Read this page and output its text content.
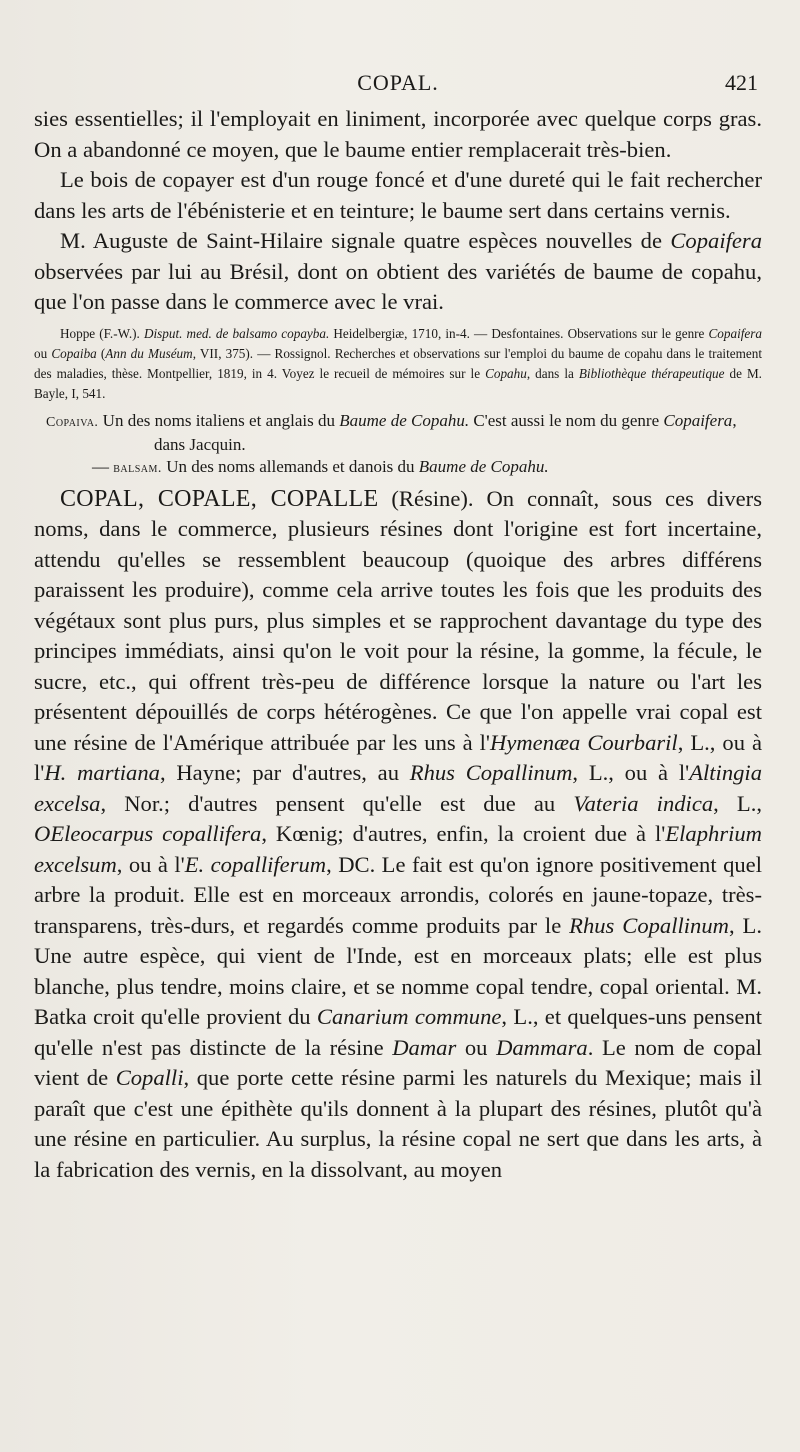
COPAL.	421

sies essentielles; il l'employait en liniment, incorporée avec quelque corps gras. On a abandonné ce moyen, que le baume entier remplacerait très-bien.

Le bois de copayer est d'un rouge foncé et d'une dureté qui le fait rechercher dans les arts de l'ébénisterie et en teinture; le baume sert dans certains vernis.

M. Auguste de Saint-Hilaire signale quatre espèces nouvelles de Copaifera observées par lui au Brésil, dont on obtient des variétés de baume de copahu, que l'on passe dans le commerce avec le vrai.

Hoppe (F.-W.). Disput. med. de balsamo copayba. Heidelbergiæ, 1710, in-4. — Desfontaines. Observations sur le genre Copaifera ou Copaiba (Ann du Muséum, VII, 375). — Rossignol. Recherches et observations sur l'emploi du baume de copahu dans le traitement des maladies, thèse. Montpellier, 1819, in 4. Voyez le recueil de mémoires sur le Copahu, dans la Bibliothèque thérapeutique de M. Bayle, I, 541.

Copaiva. Un des noms italiens et anglais du Baume de Copahu. C'est aussi le nom du genre Copaifera, dans Jacquin.

— balsam. Un des noms allemands et danois du Baume de Copahu.

COPAL, COPALE, COPALLE (Résine). On connaît, sous ces divers noms, dans le commerce, plusieurs résines dont l'origine est fort incertaine, attendu qu'elles se ressemblent beaucoup (quoique des arbres différens paraissent les produire), comme cela arrive toutes les fois que les produits des végétaux sont plus purs, plus simples et se rapprochent davantage du type des principes immédiats, ainsi qu'on le voit pour la résine, la gomme, la fécule, le sucre, etc., qui offrent très-peu de différence lorsque la nature ou l'art les présentent dépouillés de corps hétérogènes. Ce que l'on appelle vrai copal est une résine de l'Amérique attribuée par les uns à l'Hymenæa Courbaril, L., ou à l'H. martiana, Hayne; par d'autres, au Rhus Copallinum, L., ou à l'Altingia excelsa, Nor.; d'autres pensent qu'elle est due au Vateria indica, L., OEleocarpus copallifera, Kœnig; d'autres, enfin, la croient due à l'Elaphrium excelsum, ou à l'E. copalliferum, DC. Le fait est qu'on ignore positivement quel arbre la produit. Elle est en morceaux arrondis, colorés en jaune-topaze, très-transparens, très-durs, et regardés comme produits par le Rhus Copallinum, L. Une autre espèce, qui vient de l'Inde, est en morceaux plats; elle est plus blanche, plus tendre, moins claire, et se nomme copal tendre, copal oriental. M. Batka croit qu'elle provient du Canarium commune, L., et quelques-uns pensent qu'elle n'est pas distincte de la résine Damar ou Dammara. Le nom de copal vient de Copalli, que porte cette résine parmi les naturels du Mexique; mais il paraît que c'est une épithète qu'ils donnent à la plupart des résines, plutôt qu'à une résine en particulier. Au surplus, la résine copal ne sert que dans les arts, à la fabrication des vernis, en la dissolvant, au moyen
